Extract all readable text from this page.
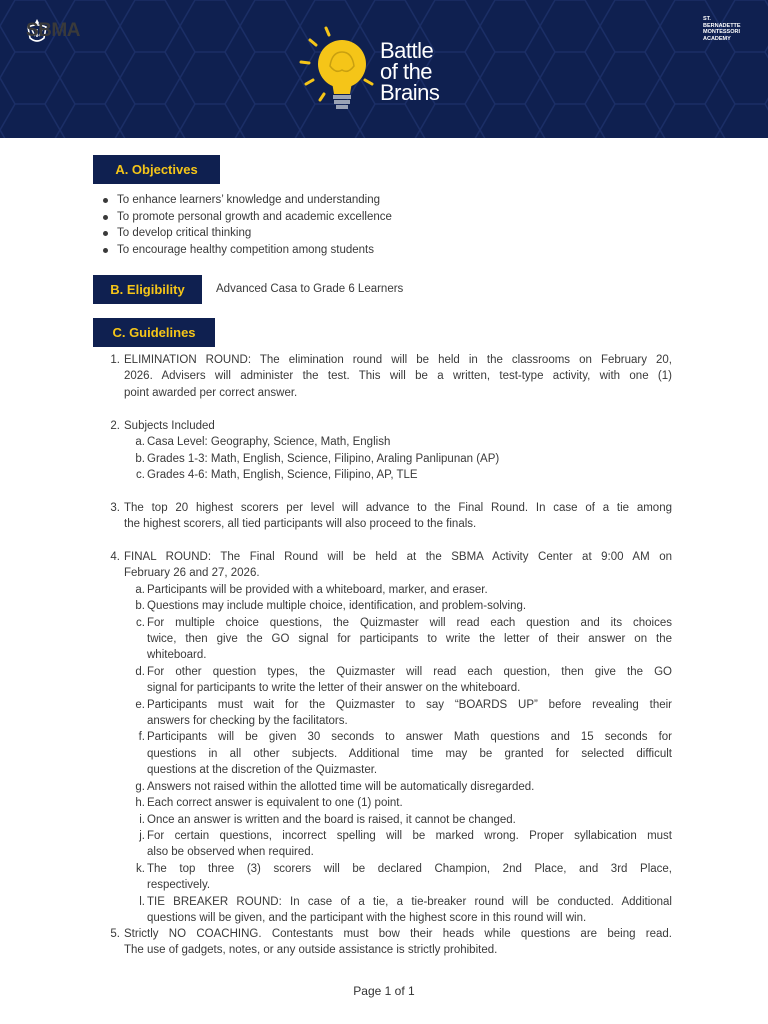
SBMA
ST.
BERNADETTE
MONTESSORI
ACADEMY
Battle
of the
Brains
A. Objectives
To enhance learners’ knowledge and understanding
To promote personal growth and academic excellence
To develop critical thinking
To encourage healthy competition among students
B. Eligibility	Advanced Casa to Grade 6 Learners
C. Guidelines
1. ELIMINATION ROUND: The elimination round will be held in the classrooms on February 20,
2026. Advisers will administer the test. This will be a written, test-type activity, with one (1)
point awarded per correct answer.
2. Subjects Included
a. Casa Level: Geography, Science, Math, English
b. Grades 1-3: Math, English, Science, Filipino, Araling Panlipunan (AP)
c. Grades 4-6: Math, English, Science, Filipino, AP, TLE
3. The top 20 highest scorers per level will advance to the Final Round. In case of a tie among
the highest scorers, all tied participants will also proceed to the finals.
4. FINAL ROUND: The Final Round will be held at the SBMA Activity Center at 9:00 AM on
February 26 and 27, 2026.
a. Participants will be provided with a whiteboard, marker, and eraser.
b. Questions may include multiple choice, identification, and problem-solving.
c. For multiple choice questions, the Quizmaster will read each question and its choices
twice, then give the GO signal for participants to write the letter of their answer on the
whiteboard.
d. For other question types, the Quizmaster will read each question, then give the GO
signal for participants to write the letter of their answer on the whiteboard.
e. Participants must wait for the Quizmaster to say “BOARDS UP” before revealing their
answers for checking by the facilitators.
f. Participants will be given 30 seconds to answer Math questions and 15 seconds for
questions in all other subjects. Additional time may be granted for selected difficult
questions at the discretion of the Quizmaster.
g. Answers not raised within the allotted time will be automatically disregarded.
h. Each correct answer is equivalent to one (1) point.
i. Once an answer is written and the board is raised, it cannot be changed.
j. For certain questions, incorrect spelling will be marked wrong. Proper syllabication must
also be observed when required.
k. The top three (3) scorers will be declared Champion, 2nd Place, and 3rd Place,
respectively.
l. TIE BREAKER ROUND: In case of a tie, a tie-breaker round will be conducted. Additional
questions will be given, and the participant with the highest score in this round will win.
5. Strictly NO COACHING. Contestants must bow their heads while questions are being read.
The use of gadgets, notes, or any outside assistance is strictly prohibited.
Page 1 of 1
